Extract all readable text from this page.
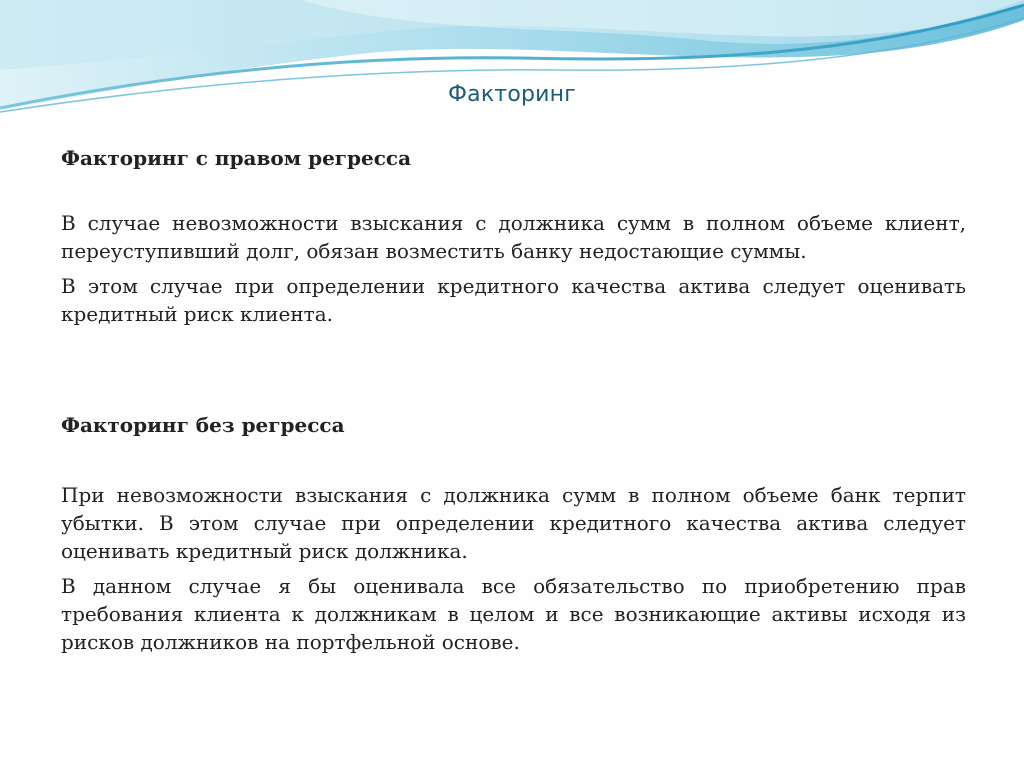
Факторинг

Факторинг с правом регресса

В случае невозможности взыскания с должника сумм в полном объеме клиент, переуступивший долг, обязан возместить банку недостающие суммы.

В этом случае при определении кредитного качества актива следует оценивать кредитный риск клиента.

Факторинг без регресса

При невозможности взыскания с должника сумм в полном объеме банк терпит убытки. В этом случае при определении кредитного качества актива следует оценивать кредитный риск должника.

В данном случае я бы оценивала все обязательство по приобретению прав требования клиента к должникам в целом и все возникающие активы исходя из рисков должников на портфельной основе.
